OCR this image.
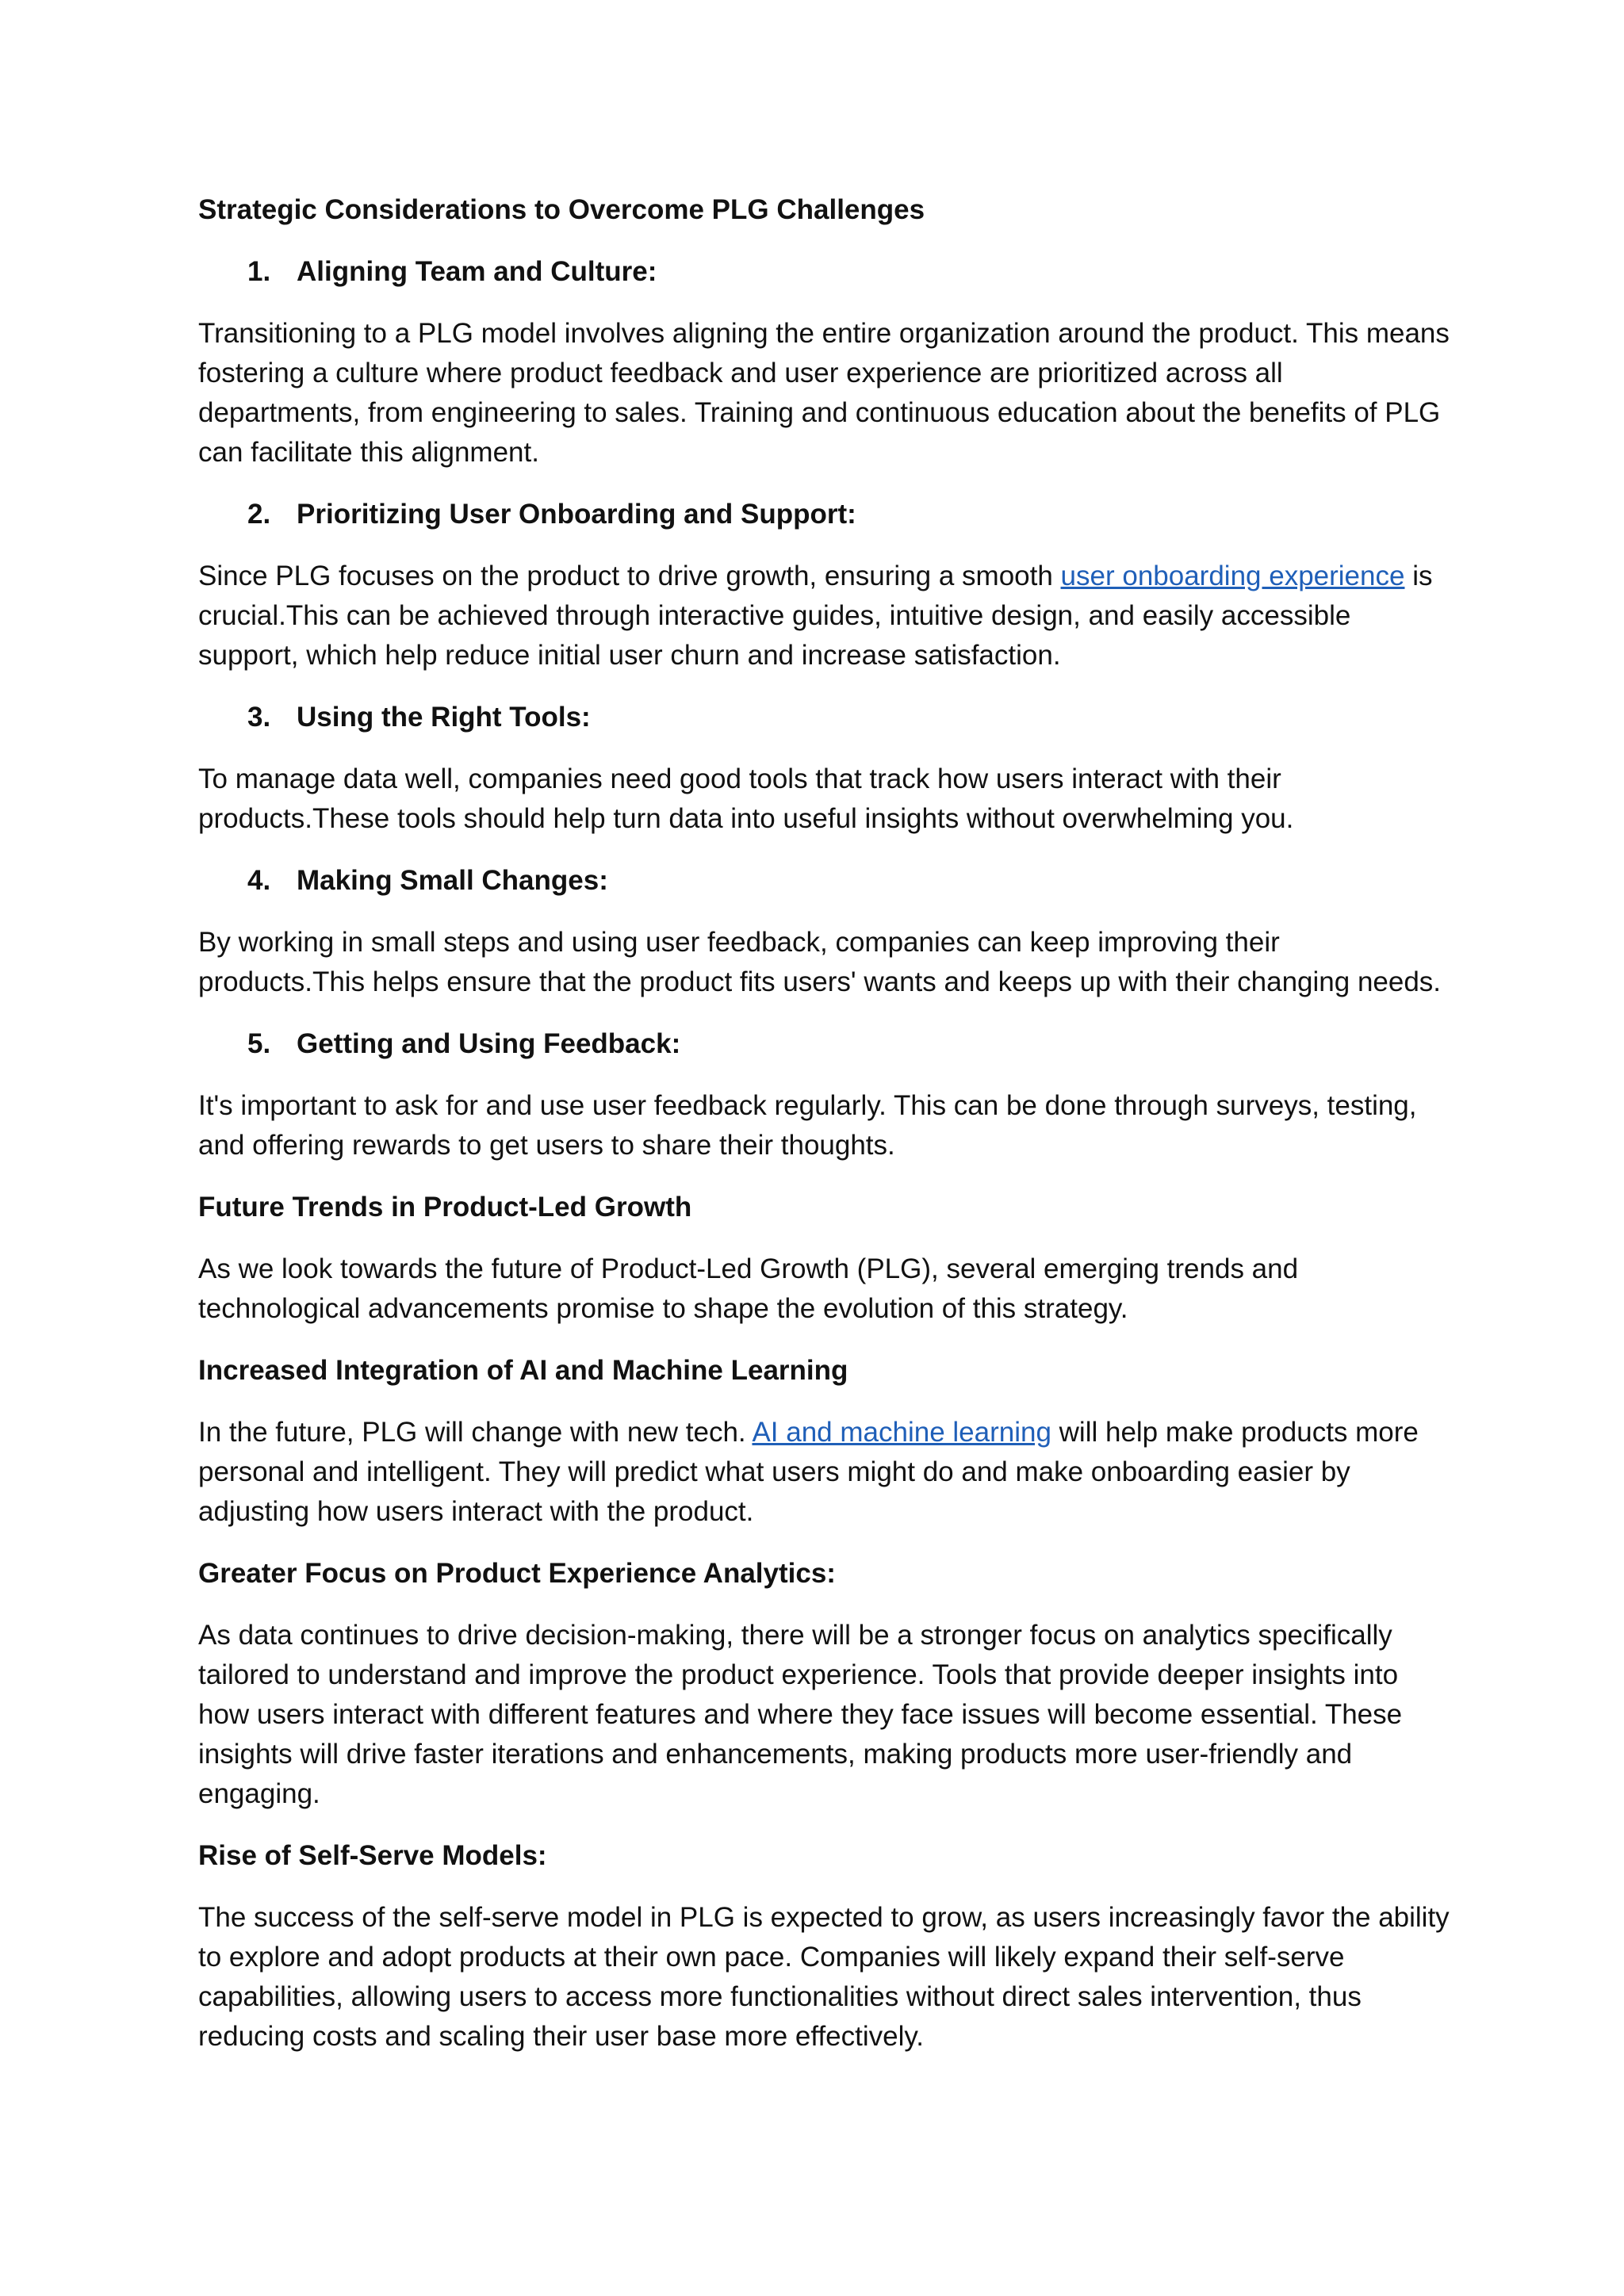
Strategic Considerations to Overcome PLG Challenges
1. Aligning Team and Culture:

Transitioning to a PLG model involves aligning the entire organization around the product. This means fostering a culture where product feedback and user experience are prioritized across all departments, from engineering to sales. Training and continuous education about the benefits of PLG can facilitate this alignment.

2. Prioritizing User Onboarding and Support:

Since PLG focuses on the product to drive growth, ensuring a smooth user onboarding experience is crucial.This can be achieved through interactive guides, intuitive design, and easily accessible support, which help reduce initial user churn and increase satisfaction.

3. Using the Right Tools:

To manage data well, companies need good tools that track how users interact with their products.These tools should help turn data into useful insights without overwhelming you.

4. Making Small Changes:

By working in small steps and using user feedback, companies can keep improving their products.This helps ensure that the product fits users' wants and keeps up with their changing needs.

5. Getting and Using Feedback:

It's important to ask for and use user feedback regularly. This can be done through surveys, testing, and offering rewards to get users to share their thoughts.

Future Trends in Product-Led Growth

As we look towards the future of Product-Led Growth (PLG), several emerging trends and technological advancements promise to shape the evolution of this strategy.

Increased Integration of AI and Machine Learning

In the future, PLG will change with new tech. AI and machine learning will help make products more personal and intelligent. They will predict what users might do and make onboarding easier by adjusting how users interact with the product.

Greater Focus on Product Experience Analytics:

As data continues to drive decision-making, there will be a stronger focus on analytics specifically tailored to understand and improve the product experience. Tools that provide deeper insights into how users interact with different features and where they face issues will become essential. These insights will drive faster iterations and enhancements, making products more user-friendly and engaging.

Rise of Self-Serve Models:

The success of the self-serve model in PLG is expected to grow, as users increasingly favor the ability to explore and adopt products at their own pace. Companies will likely expand their self-serve capabilities, allowing users to access more functionalities without direct sales intervention, thus reducing costs and scaling their user base more effectively.
